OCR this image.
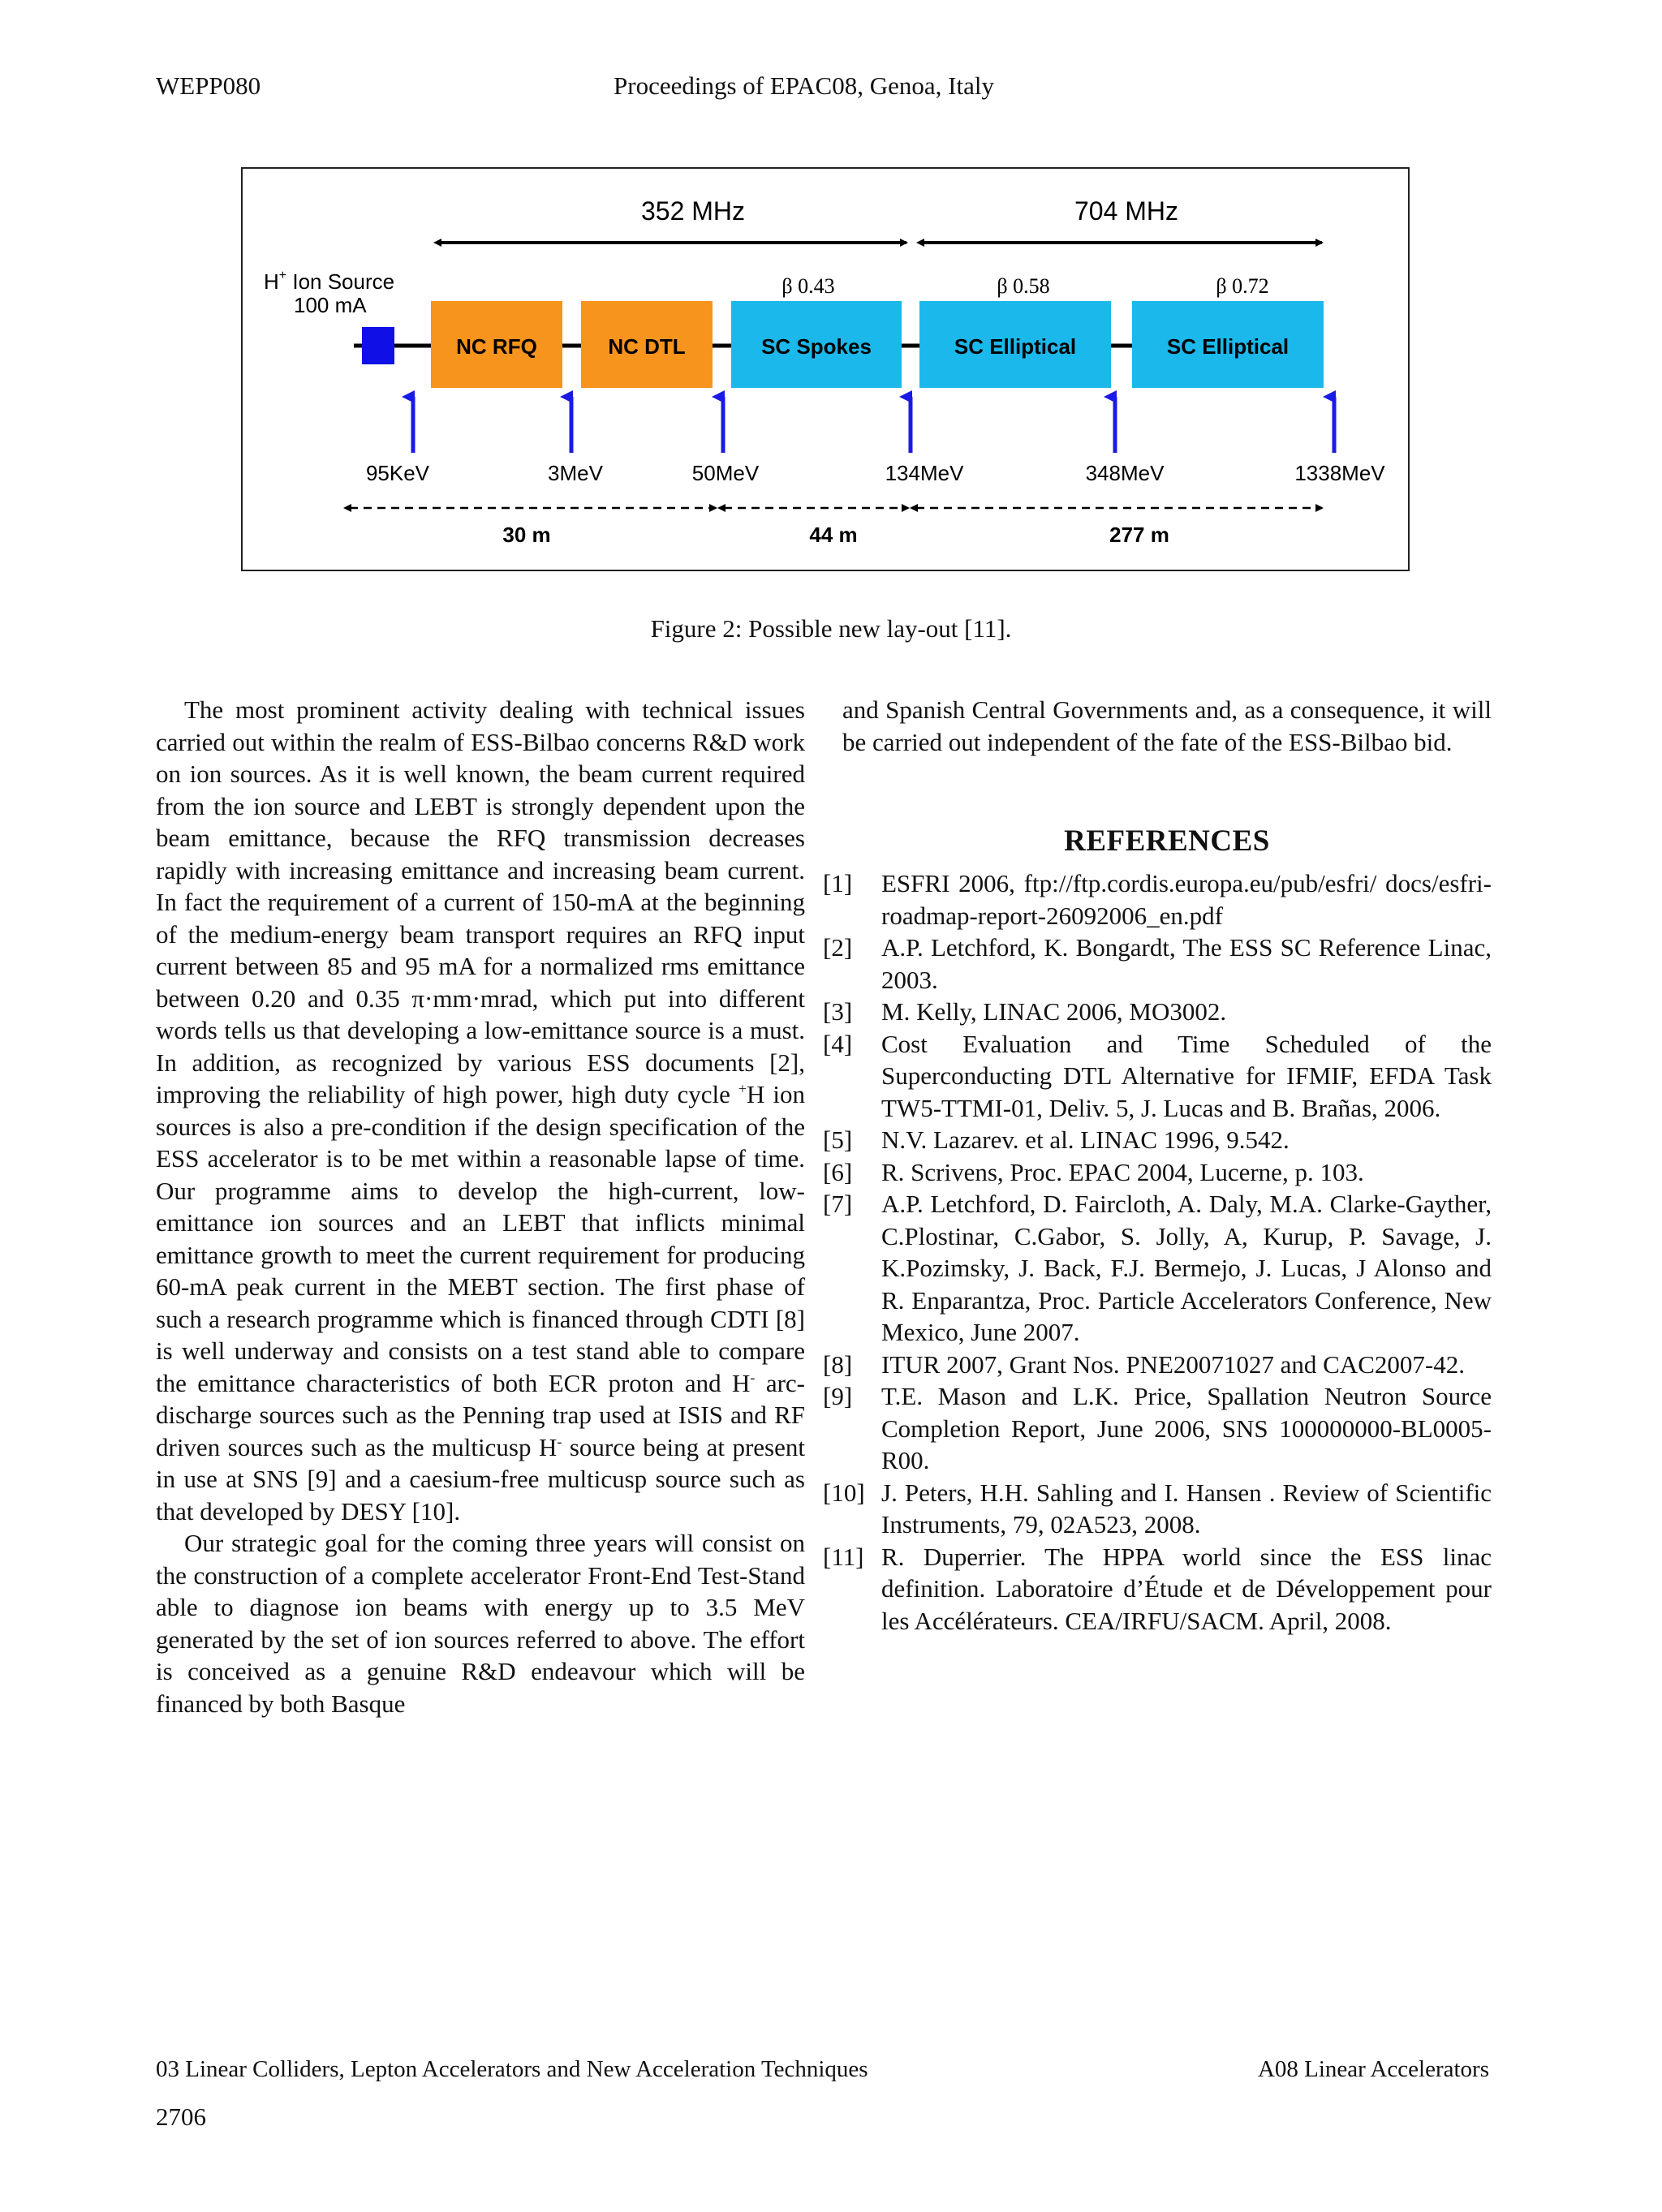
WEPP080	Proceedings of EPAC08, Genoa, Italy
352 MHz	704 MHz
H+ Ion Source
100 mA
β 0.43	β 0.58	β 0.72
NC RFQ	NC DTL	SC Spokes	SC Elliptical	SC Elliptical
95KeV	3MeV	50MeV	134MeV	348MeV	1338MeV
30 m	44 m	277 m
Figure 2: Possible new lay-out [11].

The most prominent activity dealing with technical issues carried out within the realm of ESS-Bilbao concerns R&D work on ion sources. As it is well known, the beam current required from the ion source and LEBT is strongly dependent upon the beam emittance, because the RFQ transmission decreases rapidly with increasing emittance and increasing beam current. In fact the requirement of a current of 150-mA at the beginning of the medium-energy beam transport requires an RFQ input current between 85 and 95 mA for a normalized rms emittance between 0.20 and 0.35 π·mm·mrad, which put into different words tells us that developing a low-emittance source is a must. In addition, as recognized by various ESS documents [2], improving the reliability of high power, high duty cycle +H ion sources is also a pre-condition if the design specification of the ESS accelerator is to be met within a reasonable lapse of time. Our programme aims to develop the high-current, low-emittance ion sources and an LEBT that inflicts minimal emittance growth to meet the current requirement for producing 60-mA peak current in the MEBT section. The first phase of such a research programme which is financed through CDTI [8] is well underway and consists on a test stand able to compare the emittance characteristics of both ECR proton and H- arc-discharge sources such as the Penning trap used at ISIS and RF driven sources such as the multicusp H- source being at present in use at SNS [9] and a caesium-free multicusp source such as that developed by DESY [10].

Our strategic goal for the coming three years will consist on the construction of a complete accelerator Front-End Test-Stand able to diagnose ion beams with energy up to 3.5 MeV generated by the set of ion sources referred to above. The effort is conceived as a genuine R&D endeavour which will be financed by both Basque

and Spanish Central Governments and, as a consequence, it will be carried out independent of the fate of the ESS-Bilbao bid.

REFERENCES
[1]	ESFRI 2006, ftp://ftp.cordis.europa.eu/pub/esfri/ docs/esfri-roadmap-report-26092006_en.pdf
[2]	A.P. Letchford, K. Bongardt, The ESS SC Reference Linac, 2003.
[3]	M. Kelly, LINAC 2006, MO3002.
[4]	Cost Evaluation and Time Scheduled of the Superconducting DTL Alternative for IFMIF, EFDA Task TW5-TTMI-01, Deliv. 5, J. Lucas and B. Brañas, 2006.
[5]	N.V. Lazarev. et al. LINAC 1996, 9.542.
[6]	R. Scrivens, Proc. EPAC 2004, Lucerne, p. 103.
[7]	A.P. Letchford, D. Faircloth, A. Daly, M.A. Clarke-Gayther, C.Plostinar, C.Gabor, S. Jolly, A, Kurup, P. Savage, J. K.Pozimsky, J. Back, F.J. Bermejo, J. Lucas, J Alonso and R. Enparantza, Proc. Particle Accelerators Conference, New Mexico, June 2007.
[8]	ITUR 2007, Grant Nos. PNE20071027 and CAC2007-42.
[9]	T.E. Mason and L.K. Price, Spallation Neutron Source Completion Report, June 2006, SNS 100000000-BL0005-R00.
[10] J. Peters, H.H. Sahling and I. Hansen . Review of Scientific Instruments, 79, 02A523, 2008.
[11] R. Duperrier. The HPPA world since the ESS linac definition. Laboratoire d’Étude et de Développement pour les Accélérateurs. CEA/IRFU/SACM. April, 2008.
03 Linear Colliders, Lepton Accelerators and New Acceleration Techniques	A08 Linear Accelerators
2706
